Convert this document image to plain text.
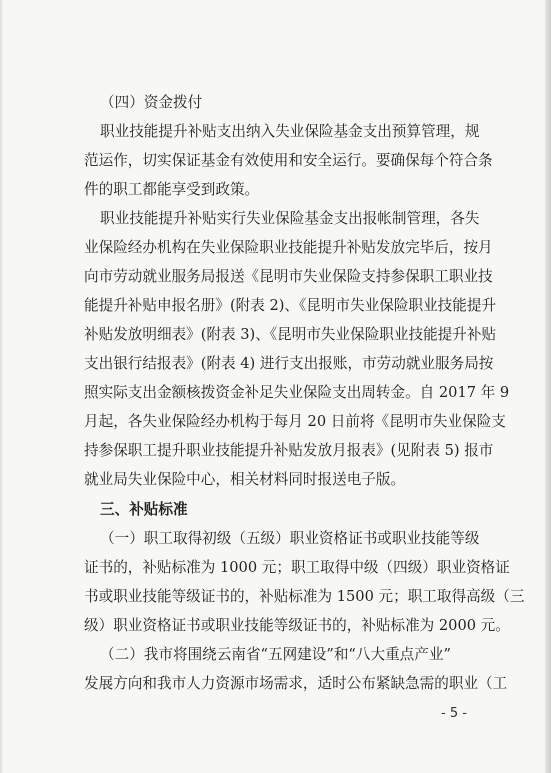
（四）资金拨付
职业技能提升补贴支出纳入失业保险基金支出预算管理，规
范运作，切实保证基金有效使用和安全运行。要确保每个符合条
件的职工都能享受到政策。
职业技能提升补贴实行失业保险基金支出报帐制管理，各失
业保险经办机构在失业保险职业技能提升补贴发放完毕后，按月
向市劳动就业服务局报送《昆明市失业保险支持参保职工职业技
能提升补贴申报名册》(附表 2)、《昆明市失业保险职业技能提升
补贴发放明细表》(附表 3)、《昆明市失业保险职业技能提升补贴
支出银行结报表》(附表 4) 进行支出报账，市劳动就业服务局按
照实际支出金额核拨资金补足失业保险支出周转金。自 2017 年 9
月起，各失业保险经办机构于每月 20 日前将《昆明市失业保险支
持参保职工提升职业技能提升补贴发放月报表》(见附表 5) 报市
就业局失业保险中心，相关材料同时报送电子版。
三、补贴标准
（一）职工取得初级（五级）职业资格证书或职业技能等级
证书的，补贴标准为 1000 元；职工取得中级（四级）职业资格证
书或职业技能等级证书的，补贴标准为 1500 元；职工取得高级（三
级）职业资格证书或职业技能等级证书的，补贴标准为 2000 元。
（二）我市将围绕云南省“五网建设”和“八大重点产业”
发展方向和我市人力资源市场需求，适时公布紧缺急需的职业（工
- 5 -
